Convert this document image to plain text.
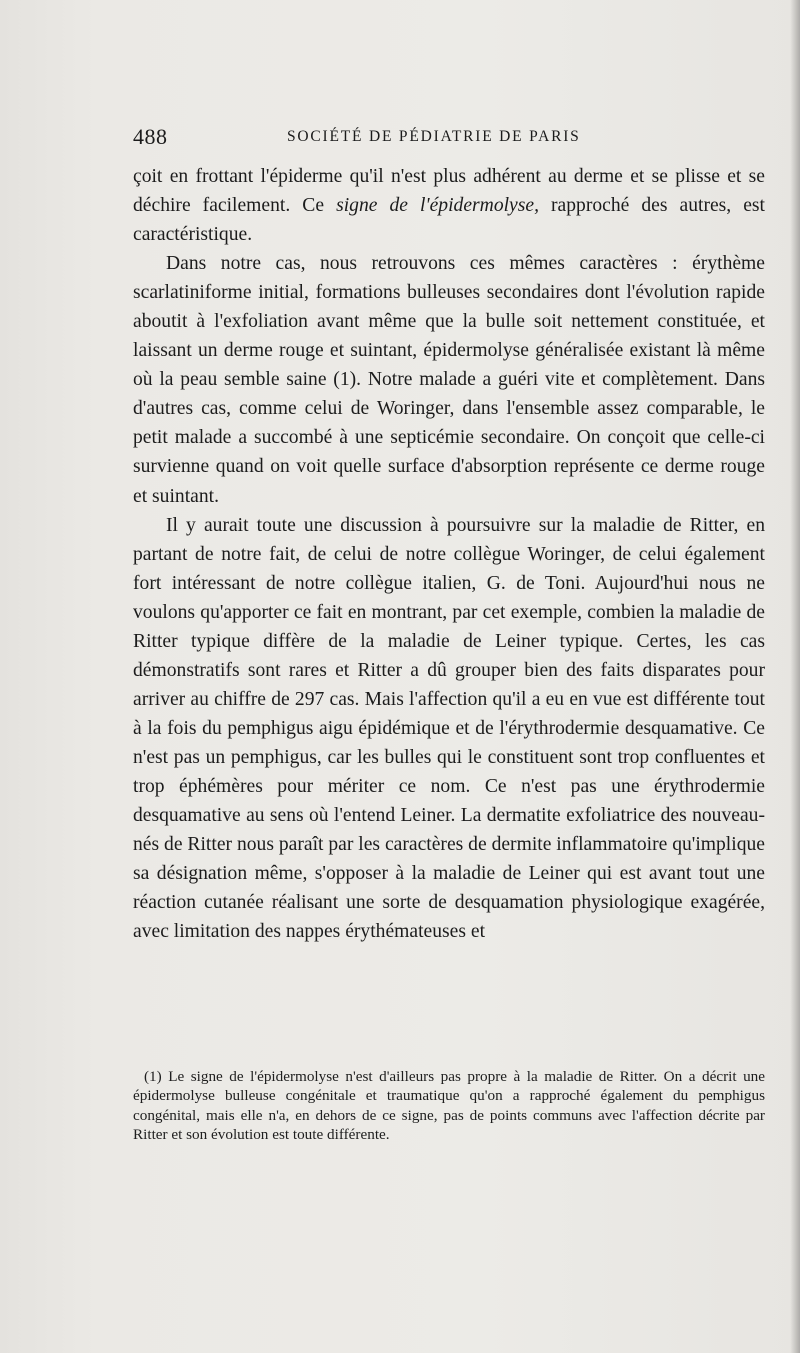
488	SOCIÉTÉ DE PÉDIATRIE DE PARIS

çoit en frottant l'épiderme qu'il n'est plus adhérent au derme et se plisse et se déchire facilement. Ce signe de l'épidermolyse, rapproché des autres, est caractéristique.

Dans notre cas, nous retrouvons ces mêmes caractères : érythème scarlatiniforme initial, formations bulleuses secondaires dont l'évolution rapide aboutit à l'exfoliation avant même que la bulle soit nettement constituée, et laissant un derme rouge et suintant, épidermolyse généralisée existant là même où la peau semble saine (1). Notre malade a guéri vite et complètement. Dans d'autres cas, comme celui de Woringer, dans l'ensemble assez comparable, le petit malade a succombé à une septicémie secondaire. On conçoit que celle-ci survienne quand on voit quelle surface d'absorption représente ce derme rouge et suintant.

Il y aurait toute une discussion à poursuivre sur la maladie de Ritter, en partant de notre fait, de celui de notre collègue Woringer, de celui également fort intéressant de notre collègue italien, G. de Toni. Aujourd'hui nous ne voulons qu'apporter ce fait en montrant, par cet exemple, combien la maladie de Ritter typique diffère de la maladie de Leiner typique. Certes, les cas démonstratifs sont rares et Ritter a dû grouper bien des faits disparates pour arriver au chiffre de 297 cas. Mais l'affection qu'il a eu en vue est différente tout à la fois du pemphigus aigu épidémique et de l'érythrodermie desquamative. Ce n'est pas un pemphigus, car les bulles qui le constituent sont trop confluentes et trop éphémères pour mériter ce nom. Ce n'est pas une érythrodermie desquamative au sens où l'entend Leiner. La dermatite exfoliatrice des nouveau-nés de Ritter nous paraît par les caractères de dermite inflammatoire qu'implique sa désignation même, s'opposer à la maladie de Leiner qui est avant tout une réaction cutanée réalisant une sorte de desquamation physiologique exagérée, avec limitation des nappes érythémateuses et

(1) Le signe de l'épidermolyse n'est d'ailleurs pas propre à la maladie de Ritter. On a décrit une épidermolyse bulleuse congénitale et traumatique qu'on a rapproché également du pemphigus congénital, mais elle n'a, en dehors de ce signe, pas de points communs avec l'affection décrite par Ritter et son évolution est toute différente.
